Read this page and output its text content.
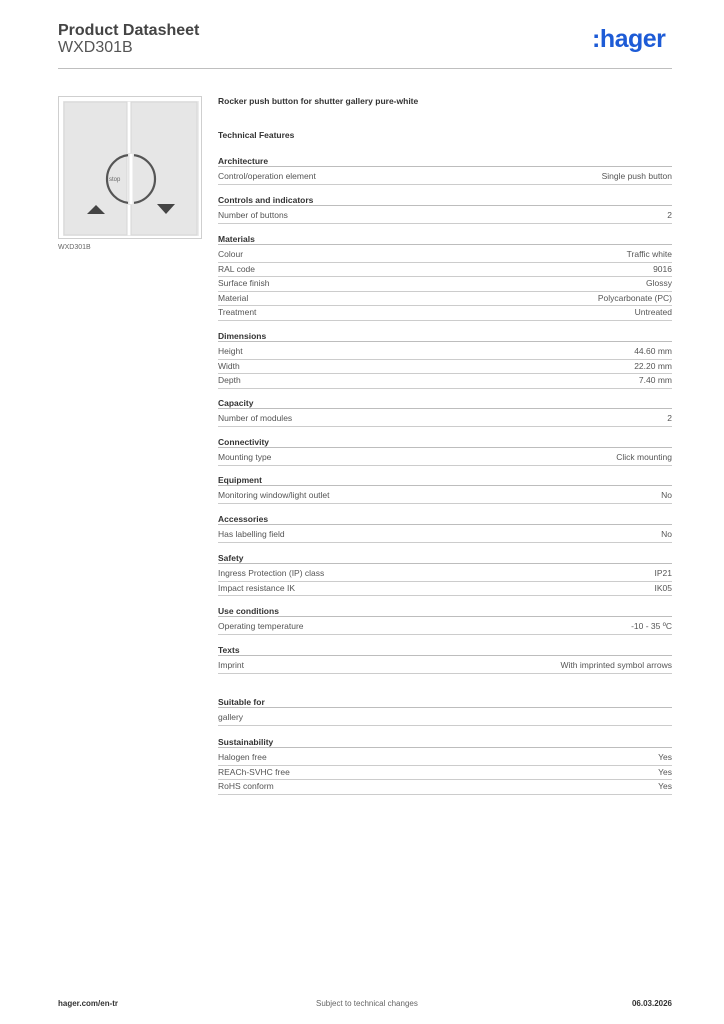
Product Datasheet
WXD301B	:hager
stop
WXD301B
Rocker push button for shutter gallery pure-white
Technical Features
Architecture
Control/operation element	Single push button
Controls and indicators
Number of buttons	2
Materials
Colour	Traffic white
RAL code	9016
Surface finish	Glossy
Material	Polycarbonate (PC)
Treatment	Untreated
Dimensions
Height	44.60 mm
Width	22.20 mm
Depth	7.40 mm
Capacity
Number of modules	2
Connectivity
Mounting type	Click mounting
Equipment
Monitoring window/light outlet	No
Accessories
Has labelling field	No
Safety
Ingress Protection (IP) class	IP21
Impact resistance IK	IK05
Use conditions
Operating temperature	-10 - 35 ºC
Texts
Imprint	With imprinted symbol arrows
Suitable for
gallery
Sustainability
Halogen free	Yes
REACh-SVHC free	Yes
RoHS conform	Yes
hager.com/en-tr	Subject to technical changes	06.03.2026
